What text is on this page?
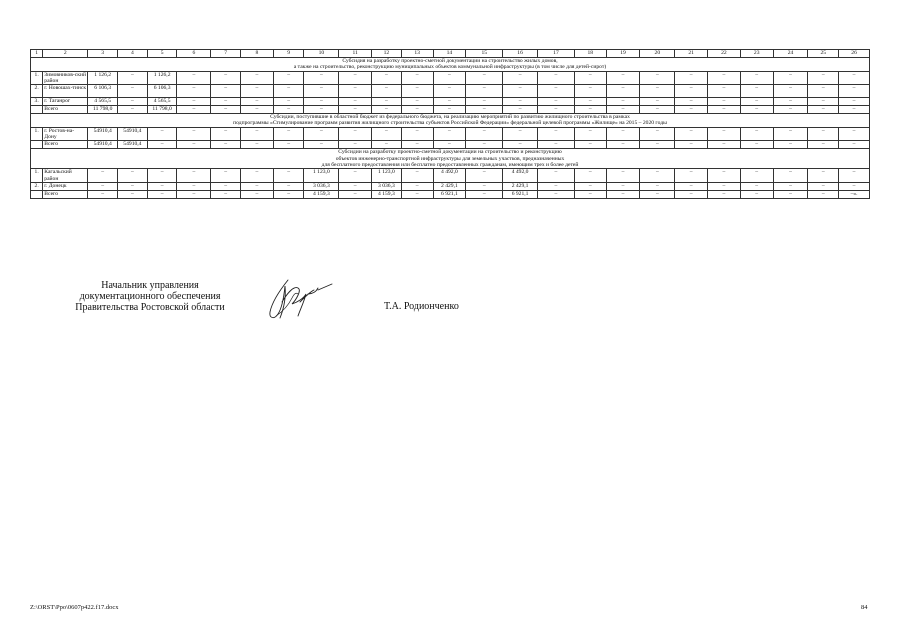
1	2	3	4	5	6	7	8	9	10	11	12	13	14	15	16	17	18	19	20	21	22	23	24	25	26

Субсидия на разработку проектно-сметной документации на строительство жилых домов,
а также на строительство, реконструкцию муниципальных объектов коммунальной инфраструктуры (в том числе для детей-сирот)																									

1.	Зимовников-ский район	1 126,2	–	1 126,2	–	–	–	–	–	–	–	–	–	–	–	–	–	–	–	–	–	–	–	–	–
2.	г. Новошах-тинск	6 106,3	–	6 106,3	–	–	–	–	–	–	–	–	–	–	–	–	–	–	–	–	–	–	–	–	–
3.	г. Таганрог	4 565,5	–	4 565,5	–	–	–	–	–	–	–	–	–	–	–	–	–	–	–	–	–	–	–	–	–
	Всего	11 798,0	–	11 798,0	–	–	–	–	–	–	–	–	–	–	–	–	–	–	–	–	–	–	–	–	–

Субсидии, поступившие в областной бюджет из федерального бюджета, на реализацию мероприятий по развитию жилищного строительства в рамках
подпрограммы «Стимулирование программ развития жилищного строительства субъектов Российской Федерации» федеральной целевой программы «Жилище» на 2015 – 2020 годы																									

1.	г. Ростов-на-Дону	54910,4	54910,4	–	–	–	–	–	–	–	–	–	–	–	–	–	–	–	–	–	–	–	–	–	–
	Всего	54910,4	54910,4	–	–	–	–	–	–	–	–	–	–	–	–	–	–	–	–	–	–	–	–	–	–

Субсидии на разработку проектно-сметной документации на строительство и реконструкцию
объектов инженерно-транспортной инфраструктуры для земельных участков, предназначенных
для бесплатного предоставления или бесплатно предоставленных гражданам, имеющим трех и более детей																									

1.	Кагальский район	–	–	–	–	–	–	–	1 123,0	–	1 123,0	–	4 492,0	–	4 492,0	–	–	–	–	–	–	–	–	–	–
2.	г. Донецк	–	–	–	–	–	–	–	3 036,3	–	3 036,3	–	2 429,1	–	2 429,1	–	–	–	–	–	–	–	–	–	–
	Всего	–	–	–	–	–	–	–	4 159,3	–	4 159,3	–	6 921,1	–	6 921,1	–	–	–	–	–	–	–	–	–	–».
Начальник управления
документационного обеспечения
Правительства Ростовской области	Т.А. Родионченко
Z:\ORST\Ppo\0607p422.f17.docx	84
